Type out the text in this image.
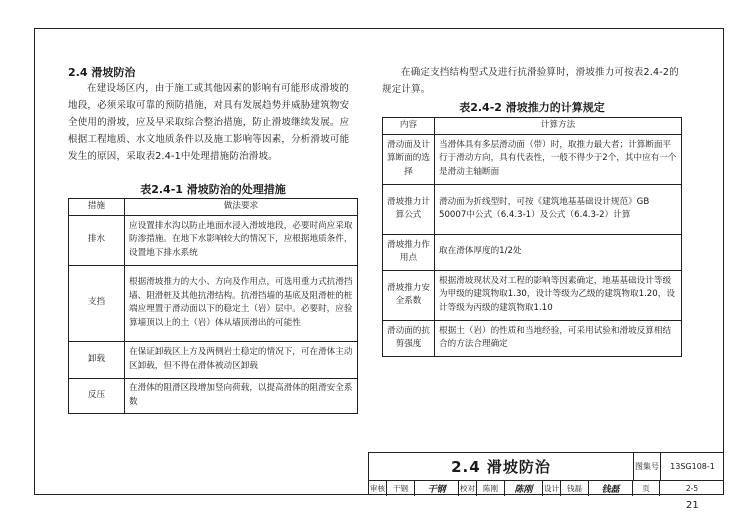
2.4 滑坡防治
在建设场区内，由于施工或其他因素的影响有可能形成滑坡的地段，必须采取可靠的预防措施，对具有发展趋势并威胁建筑物安全使用的滑坡，应及早采取综合整治措施，防止滑坡继续发展。应根据工程地质、水文地质条件以及施工影响等因素，分析滑坡可能发生的原因，采取表2.4-1中处理措施防治滑坡。
表2.4-1 滑坡防治的处理措施
措施	做法要求
排水	应设置排水沟以防止地面水浸入滑坡地段，必要时尚应采取防渗措施。在地下水影响较大的情况下，应根据地质条件，设置地下排水系统
支挡	根据滑坡推力的大小、方向及作用点，可选用重力式抗滑挡墙、阻滑桩及其他抗滑结构。抗滑挡墙的基底及阻滑桩的桩端应埋置于滑动面以下的稳定土（岩）层中。必要时，应验算墙顶以上的土（岩）体从墙顶滑出的可能性
卸载	在保证卸载区上方及两侧岩土稳定的情况下，可在滑体主动区卸载，但不得在滑体被动区卸载
反压	在滑体的阻滑区段增加竖向荷载，以提高滑体的阻滑安全系数
在确定支挡结构型式及进行抗滑验算时，滑坡推力可按表2.4-2的规定计算。
表2.4-2 滑坡推力的计算规定
内容	计算方法
滑动面及计算断面的选择	当滑体具有多层滑动面（带）时，取推力最大者；计算断面平行于滑动方向，具有代表性，一般不得少于2个，其中应有一个是滑动主轴断面
滑坡推力计算公式	滑动面为折线型时，可按《建筑地基基础设计规范》GB 50007中公式（6.4.3-1）及公式（6.4.3-2）计算
滑坡推力作用点	取在滑体厚度的1/2处
滑坡推力安全系数	根据滑坡现状及对工程的影响等因素确定，地基基础设计等级为甲级的建筑物取1.30，设计等级为乙级的建筑物取1.20，设计等级为丙级的建筑物取1.10
滑动面的抗剪强度	根据土（岩）的性质和当地经验，可采用试验和滑坡反算相结合的方法合理确定
2.4 滑坡防治	图集号	13SG108-1
审核	干钢	干钢	校对	陈刚	陈刚	设计	钱磊	钱磊	页	2-5
21
